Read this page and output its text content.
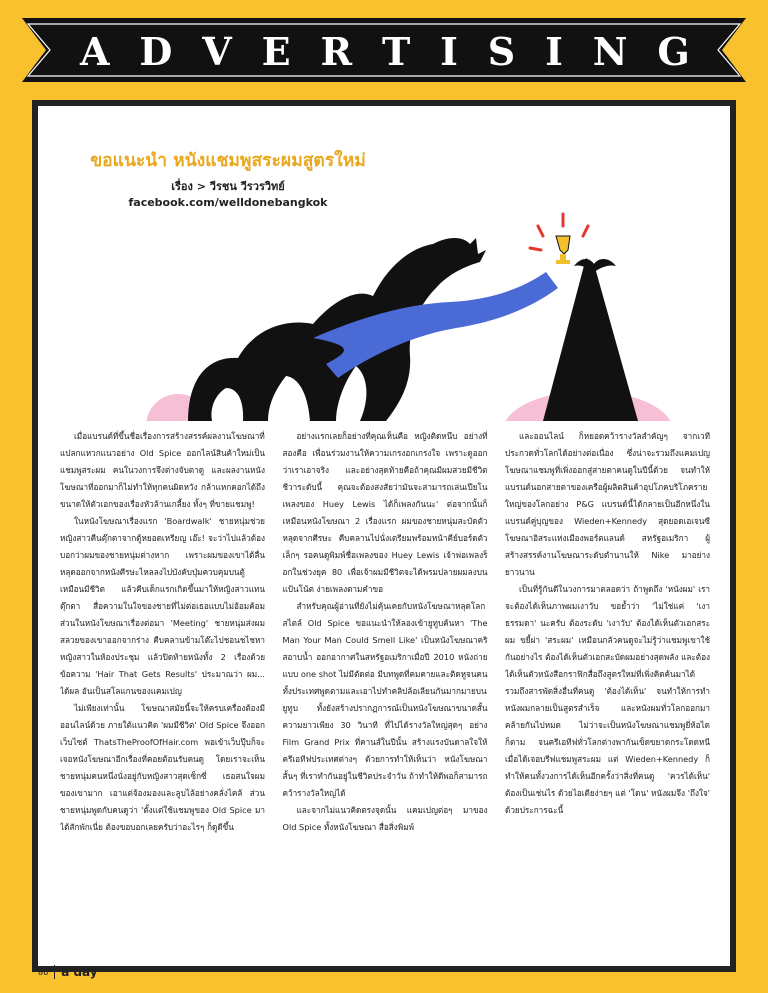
A D V E R T I S I N G
ขอแนะนำ หนังแชมพูสระผมสูตรใหม่

เรื่อง > วีรชน วีรวรวิทย์
facebook.com/welldonebangkok

เมื่อแบรนด์ที่ขึ้นชื่อเรื่องการสร้างสรรค์ผลงานโฆษณาที่แปลกแหวกแนวอย่าง Old Spice ออกไลน์สินค้าใหม่เป็นแชมพูสระผม คนในวงการจึงต่างจับตาดู และผลงานหนังโฆษณาที่ออกมาก็ไม่ทำให้ทุกคนผิดหวัง กล้าแหกคอกได้ถึงขนาดให้ตัวเอกของเรื่องหัวล้านเกลี้ยง ทั้งๆ ที่ขายแชมพู!

ในหนังโฆษณาเรื่องแรก 'Boardwalk' ชายหนุ่มช่วยหญิงสาวคืนตุ๊กตาจากตู้หยอดเหรียญ เอ๊ะ! จะว่าไปแล้วต้องบอกว่าผมของชายหนุ่มต่างหาก เพราะผมของเขาได้ลื่นหลุดออกจากหนังศีรษะไหลลงไปบังคับปุ่มควบคุมบนตู้เหมือนมีชีวิต แล้วคีบเด็กแรกเกิดขึ้นมาให้หญิงสาวแทนตุ๊กตา สื่อความในใจของชายที่ไม่ต่อเธอแบบไม่อ้อมค้อม ส่วนในหนังโฆษณาเรื่องต่อมา 'Meeting' ชายหนุ่มส่งผมสลวยของเขาออกจากร่าง คืบคลานข้ามโต๊ะไปชอนชไชหาหญิงสาวในห้องประชุม แล้วปิดท้ายหนังทั้ง 2 เรื่องด้วยข้อความ 'Hair That Gets Results' ประมาณว่า ผม... ได้ผล อันเป็นสโลแกนของแคมเปญ

ไม่เพียงเท่านั้น โฆษณาสมัยนี้จะให้ครบเครื่องต้องมีออนไลน์ด้วย ภายใต้แนวคิด 'ผมมีชีวิต' Old Spice จึงออกเว็บไซต์ ThatsTheProofOfHair.com พอเข้าเว็บปุ๊บก็จะเจอหนังโฆษณาอีกเรื่องที่คอยต้อนรับคนดู โดยเราจะเห็นชายหนุ่มคนหนึ่งนั่งอยู่กับหญิงสาวสุดเซ็กซี่ เธอสนใจผมของเขามาก เอาแต่จ้องมองและลูบไล้อย่างคลั่งไคล้ ส่วนชายหนุ่มพูดกับคนดูว่า 'ตั้งแต่ใช้แชมพูของ Old Spice มาได้สักพักเนี่ย ต้องขอบอกเลยครับว่าอะไรๆ ก็ดูดีขึ้น

อย่างแรกเลยก็อย่างที่คุณเห็นคือ หญิงติดหนึบ อย่างที่สองคือ เพื่อนร่วมงานให้ความเกรงอกเกรงใจ เพราะดูออกว่าเราเอาจริง และอย่างสุดท้ายคือถ้าคุณมีผมสวยมีชีวิตชีวาระดับนี้ คุณจะต้องสงสัยว่ามันจะสามารถเล่นเปียโนเพลงของ Huey Lewis ได้ก็เพลงกันนะ' ต่อจากนั้นก็เหมือนหนังโฆษณา 2 เรื่องแรก ผมของชายหนุ่มสะบัดตัวหลุดจากศีรษะ คืบคลานไปนั่งเตรียมพร้อมหน้าคีย์บอร์ดตัวเล็กๆ รอคนดูพิมพ์ชื่อเพลงของ Huey Lewis เจ้าพ่อเพลงร็อกในช่วงยุค 80 เพื่อเจ้าผมมีชีวิตจะได้พรมปลายผมลงบนแป้นโน้ต ง่ายเพลงตามคำขอ

สำหรับคุณผู้อ่านที่ยังไม่คุ้นเคยกับหนังโฆษณาหลุดโลกสไตล์ Old Spice ขอแนะนำให้ลองเข้ายูทูบค้นหา 'The Man Your Man Could Smell Like' เป็นหนังโฆษณาคริสอาบน้ำ ออกอากาศในสหรัฐอเมริกาเมื่อปี 2010 หนังถ่ายแบบ one shot ไม่มีตัดต่อ มีบทพูดที่คมคายและติดหูจนคนทั้งประเทศพูดตามและเอาไปทำคลิปล้อเลียนกันมากมายบนยูทูบ ทั้งยังสร้างปรากฏการณ์เป็นหนังโฆษณาขนาดสั้น ความยาวเพียง 30 วินาที ที่ไปได้รางวัลใหญ่สุดๆ อย่าง Film Grand Prix ที่คานส์ในปีนั้น สร้างแรงบันดาลใจให้ครีเอทีฟประเทศต่างๆ ด้วยการทำให้เห็นว่า หนังโฆษณาสั้นๆ ที่เราทำกันอยู่ในชีวิตประจำวัน ถ้าทำให้ดีพอก็สามารถคว้ารางวัลใหญ่ได้

และจากไม่แนวคิดตรงจุดนั้น แคมเปญต่อๆ มาของ Old Spice ทั้งหนังโฆษณา สื่อสิ่งพิมพ์

และออนไลน์ ก็หยอดคว้ารางวัลสำคัญๆ จากเวทีประกวดทั่วโลกได้อย่างต่อเนื่อง ซึ่งน่าจะรวมถึงแคมเปญโฆษณาแชมพูที่เพิ่งออกสู่สายตาคนดูในปีนี้ด้วย จนทำให้แบรนด์นอกสายตาของเครือผู้ผลิตสินค้าอุปโภคบริโภครายใหญ่ของโลกอย่าง P&G แบรนด์นี้ได้กลายเป็นอีกหนึ่งในแบรนด์คู่บุญของ Wieden+Kennedy สุดยอดเอเจนซีโฆษณาอิสระแห่งเมืองพอร์ตแลนด์ สหรัฐอเมริกา ผู้สร้างสรรค์งานโฆษณาระดับตำนานให้ Nike มาอย่างยาวนาน

เป็นที่รู้กันดีในวงการมาตลอดว่า ถ้าพูดถึง 'หนังผม' เราจะต้องได้เห็นภาพผมเงาวับ ขอย้ำว่า 'ไม่ใช่แค่ 'เงาธรรมดา' นะครับ ต้องระดับ 'เงาวับ' ต้องได้เห็นตัวเอกสระผม ขยี้ผ่า 'สระผม' เหมือนกลัวคนดูจะไม่รู้ว่าแชมพูเขาใช้กันอย่างไร ต้องได้เห็นตัวเอกสะบัดผมอย่างสุดพลัง และต้องได้เห็นตัวหนังสือกราฟิกสื่อถึงสูตรใหม่ที่เพิ่งคิดค้นมาได้ รวมถึงสารพัดสิ่งอื่นที่คนดู 'ต้องได้เห็น' จนทำให้การทำหนังผมกลายเป็นสูตรสำเร็จ และหนังผมทั่วโลกออกมาคล้ายกันไปหมด ไม่ว่าจะเป็นหนังโฆษณาแชมพูยี่ห้อไดก็ตาม จนครีเอทีฟทั่วโลกต่างพากันเข็ดขยาดกระโดดหนีเมื่อได้เจอบรีฟแชมพูสระผม แต่ Wieden+Kennedy ก็ทำให้คนทั้งวงการได้เห็นอีกครั้งว่าสิ่งที่คนดู 'ควรได้เห็น' ต้องเป็นเช่นไร ด้วยไอเดียง่ายๆ แต่ 'โดน' หนังผมจึง 'ถึงใจ' ด้วยประการฉะนี้

86 a day
